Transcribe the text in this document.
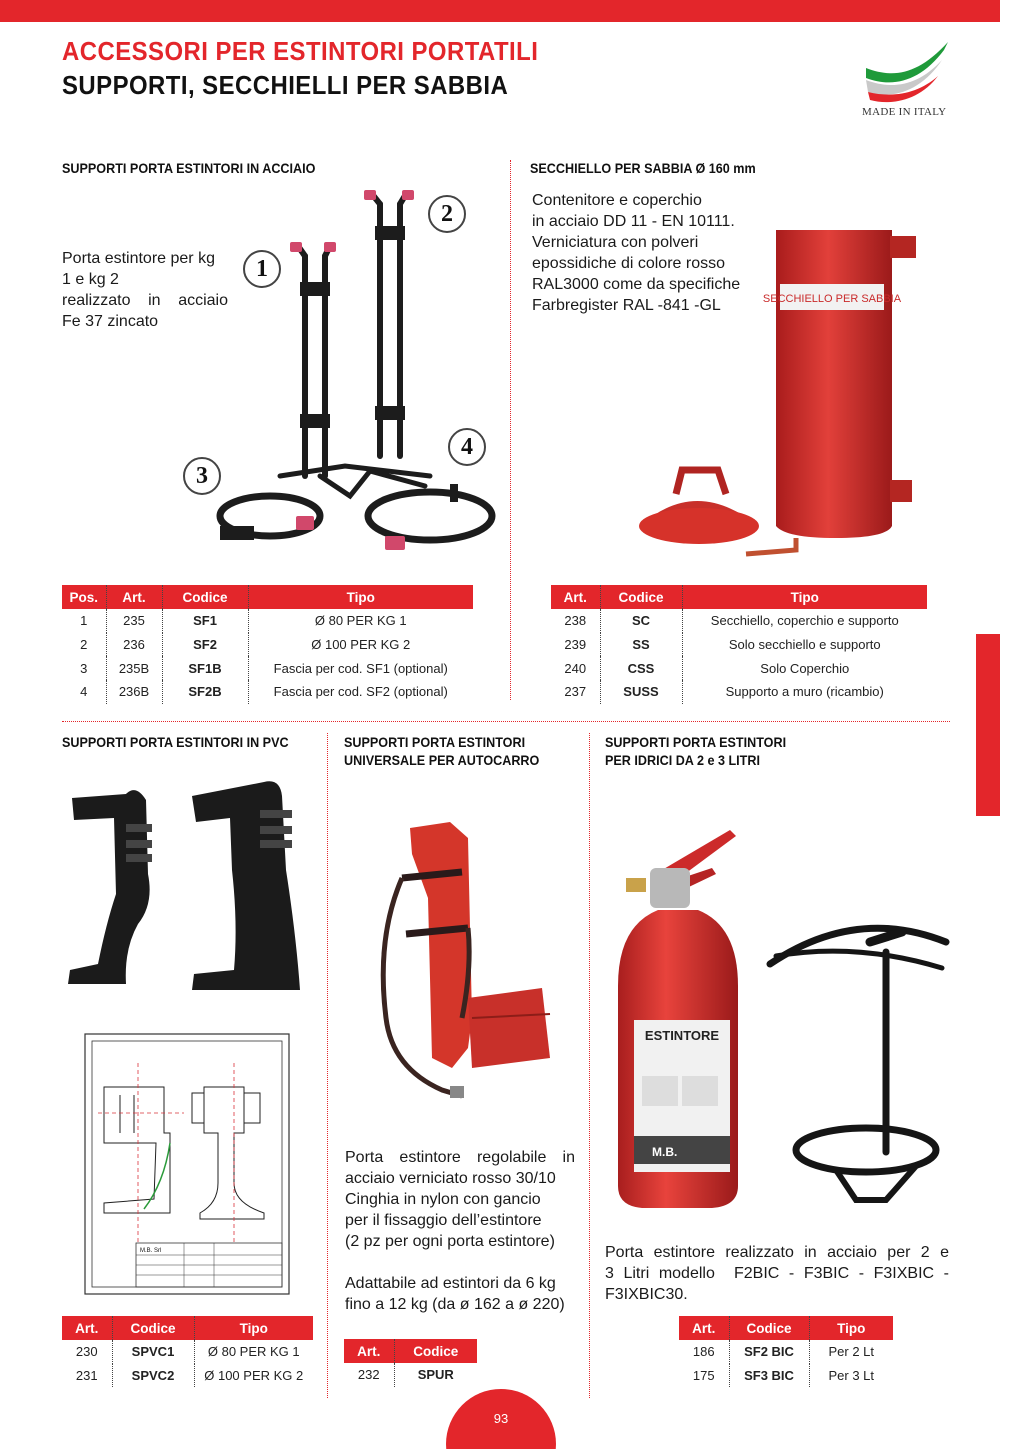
ACCESSORI PER ESTINTORI PORTATILI
SUPPORTI, SECCHIELLI PER SABBIA
MADE IN ITALY
SUPPORTI PORTA ESTINTORI IN ACCIAIO
Porta estintore per kg
1 e kg 2
realizzato in acciaio
Fe 37 zincato
1
2
3
4
Pos.	Art.	Codice	Tipo
1	235	SF1	Ø 80 PER KG 1
2	236	SF2	Ø 100 PER KG 2
3	235B	SF1B	Fascia per cod. SF1 (optional)
4	236B	SF2B	Fascia per cod. SF2 (optional)
SECCHIELLO PER SABBIA Ø 160 mm
Contenitore e coperchio
in acciaio DD 11 - EN 10111.
Verniciatura con polveri
epossidiche di colore rosso
RAL3000 come da specifiche
Farbregister RAL -841 -GL	SECCHIELLO PER SABBIA
Art.	Codice	Tipo
238	SC	Secchiello, coperchio e supporto
239	SS	Solo secchiello e supporto
240	CSS	Solo Coperchio
237	SUSS	Supporto a muro (ricambio)
SUPPORTI PORTA ESTINTORI IN PVC
M.B. Srl
Art.	Codice	Tipo
230	SPVC1	Ø 80 PER KG 1
231	SPVC2	Ø 100 PER KG 2
SUPPORTI PORTA ESTINTORI
UNIVERSALE PER AUTOCARRO
Porta estintore regolabile in
acciaio verniciato rosso 30/10
Cinghia in nylon con gancio
per il fissaggio dell’estintore
(2 pz per ogni porta estintore)
Adattabile ad estintori da 6 kg
fino a 12 kg (da ø 162 a ø 220)
Art.	Codice
232	SPUR
SUPPORTI PORTA ESTINTORI
PER IDRICI DA 2 e 3 LITRI
ESTINTORE
M.B.
Porta estintore realizzato in acciaio per 2 e
3 Litri modello  F2BIC - F3BIC - F3IXBIC -
F3IXBIC30.
Art.	Codice	Tipo
186	SF2 BIC	Per 2 Lt
175	SF3 BIC	Per 3 Lt
93
